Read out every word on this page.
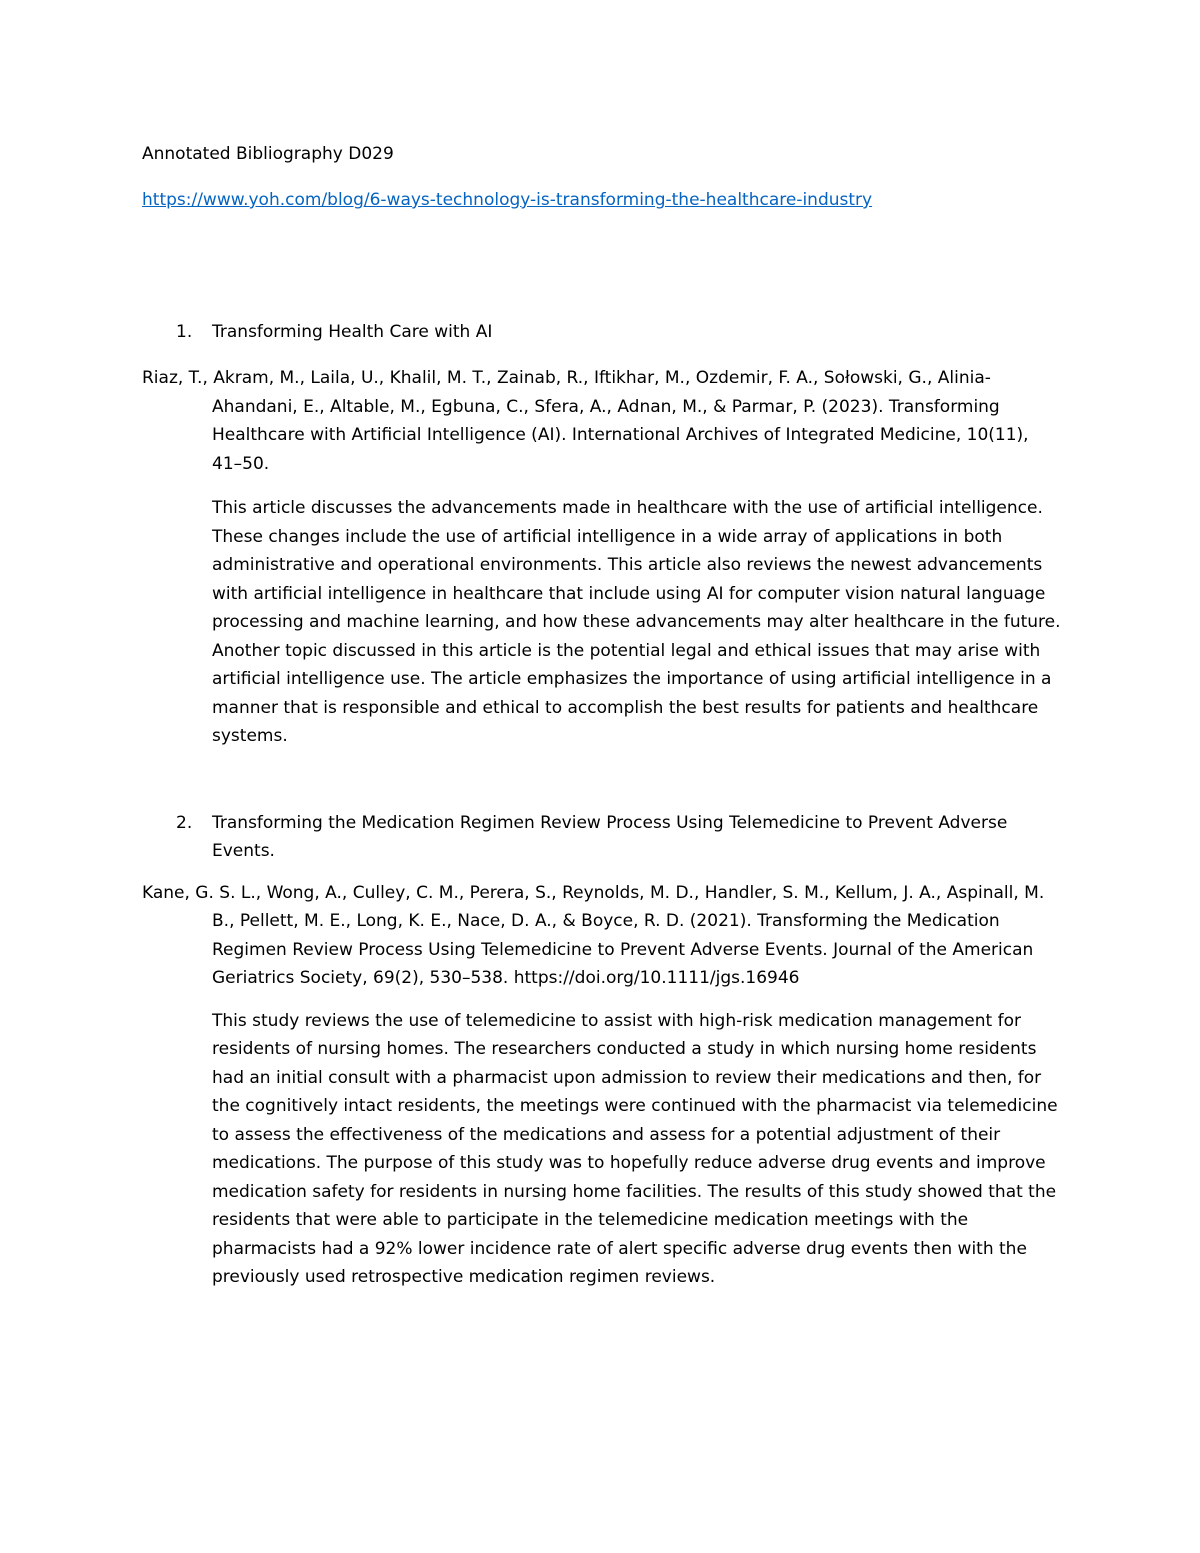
Annotated Bibliography D029

https://www.yoh.com/blog/6-ways-technology-is-transforming-the-healthcare-industry

1. Transforming Health Care with AI

Riaz, T., Akram, M., Laila, U., Khalil, M. T., Zainab, R., Iftikhar, M., Ozdemir, F. A., Sołowski, G., Alinia-Ahandani, E., Altable, M., Egbuna, C., Sfera, A., Adnan, M., & Parmar, P. (2023). Transforming Healthcare with Artificial Intelligence (AI). International Archives of Integrated Medicine, 10(11), 41–50.

This article discusses the advancements made in healthcare with the use of artificial intelligence. These changes include the use of artificial intelligence in a wide array of applications in both administrative and operational environments. This article also reviews the newest advancements with artificial intelligence in healthcare that include using AI for computer vision natural language processing and machine learning, and how these advancements may alter healthcare in the future. Another topic discussed in this article is the potential legal and ethical issues that may arise with artificial intelligence use. The article emphasizes the importance of using artificial intelligence in a manner that is responsible and ethical to accomplish the best results for patients and healthcare systems.

2. Transforming the Medication Regimen Review Process Using Telemedicine to Prevent Adverse Events.

Kane, G. S. L., Wong, A., Culley, C. M., Perera, S., Reynolds, M. D., Handler, S. M., Kellum, J. A., Aspinall, M. B., Pellett, M. E., Long, K. E., Nace, D. A., & Boyce, R. D. (2021). Transforming the Medication Regimen Review Process Using Telemedicine to Prevent Adverse Events. Journal of the American Geriatrics Society, 69(2), 530–538. https://doi.org/10.1111/jgs.16946

This study reviews the use of telemedicine to assist with high-risk medication management for residents of nursing homes. The researchers conducted a study in which nursing home residents had an initial consult with a pharmacist upon admission to review their medications and then, for the cognitively intact residents, the meetings were continued with the pharmacist via telemedicine to assess the effectiveness of the medications and assess for a potential adjustment of their medications. The purpose of this study was to hopefully reduce adverse drug events and improve medication safety for residents in nursing home facilities. The results of this study showed that the residents that were able to participate in the telemedicine medication meetings with the pharmacists had a 92% lower incidence rate of alert specific adverse drug events then with the previously used retrospective medication regimen reviews.
